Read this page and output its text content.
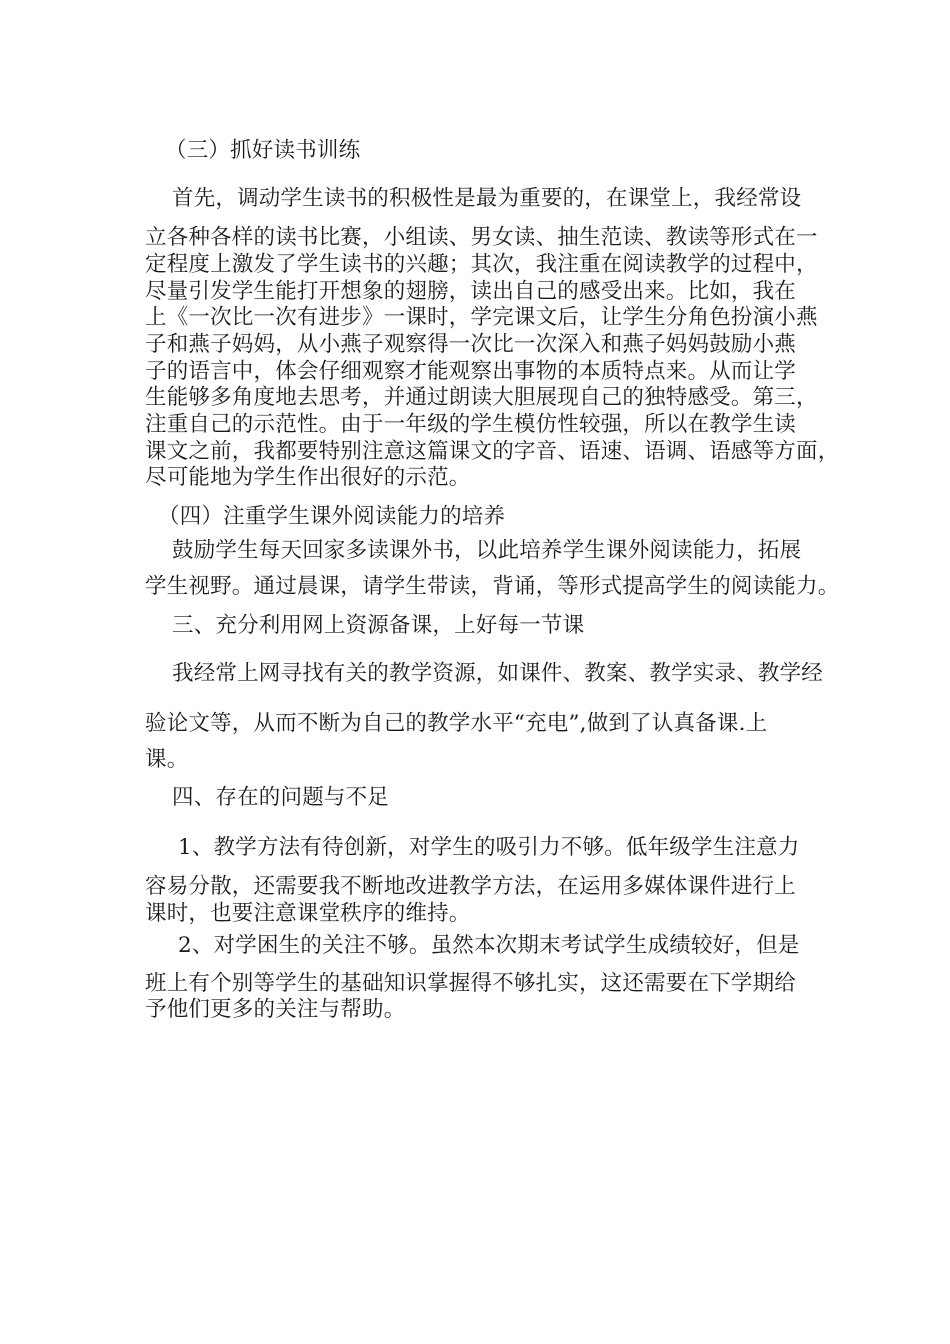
（三）抓好读书训练

首先，调动学生读书的积极性是最为重要的，在课堂上，我经常设

立各种各样的读书比赛，小组读、男女读、抽生范读、教读等形式在一

定程度上激发了学生读书的兴趣；其次，我注重在阅读教学的过程中，

尽量引发学生能打开想象的翅膀，读出自己的感受出来。比如，我在

上《一次比一次有进步》一课时，学完课文后，让学生分角色扮演小燕

子和燕子妈妈，从小燕子观察得一次比一次深入和燕子妈妈鼓励小燕

子的语言中，体会仔细观察才能观察出事物的本质特点来。从而让学

生能够多角度地去思考，并通过朗读大胆展现自己的独特感受。第三，

注重自己的示范性。由于一年级的学生模仿性较强，所以在教学生读

课文之前，我都要特别注意这篇课文的字音、语速、语调、语感等方面，

尽可能地为学生作出很好的示范。

（四）注重学生课外阅读能力的培养

鼓励学生每天回家多读课外书，以此培养学生课外阅读能力，拓展

学生视野。通过晨课，请学生带读，背诵，等形式提高学生的阅读能力。

三、充分利用网上资源备课，上好每一节课

我经常上网寻找有关的教学资源，如课件、教案、教学实录、教学经

验论文等，从而不断为自己的教学水平“充电”,做到了认真备课.上

课。

四、存在的问题与不足

1、教学方法有待创新，对学生的吸引力不够。低年级学生注意力

容易分散，还需要我不断地改进教学方法，在运用多媒体课件进行上

课时，也要注意课堂秩序的维持。

2、对学困生的关注不够。虽然本次期末考试学生成绩较好，但是

班上有个别等学生的基础知识掌握得不够扎实，这还需要在下学期给

予他们更多的关注与帮助。
